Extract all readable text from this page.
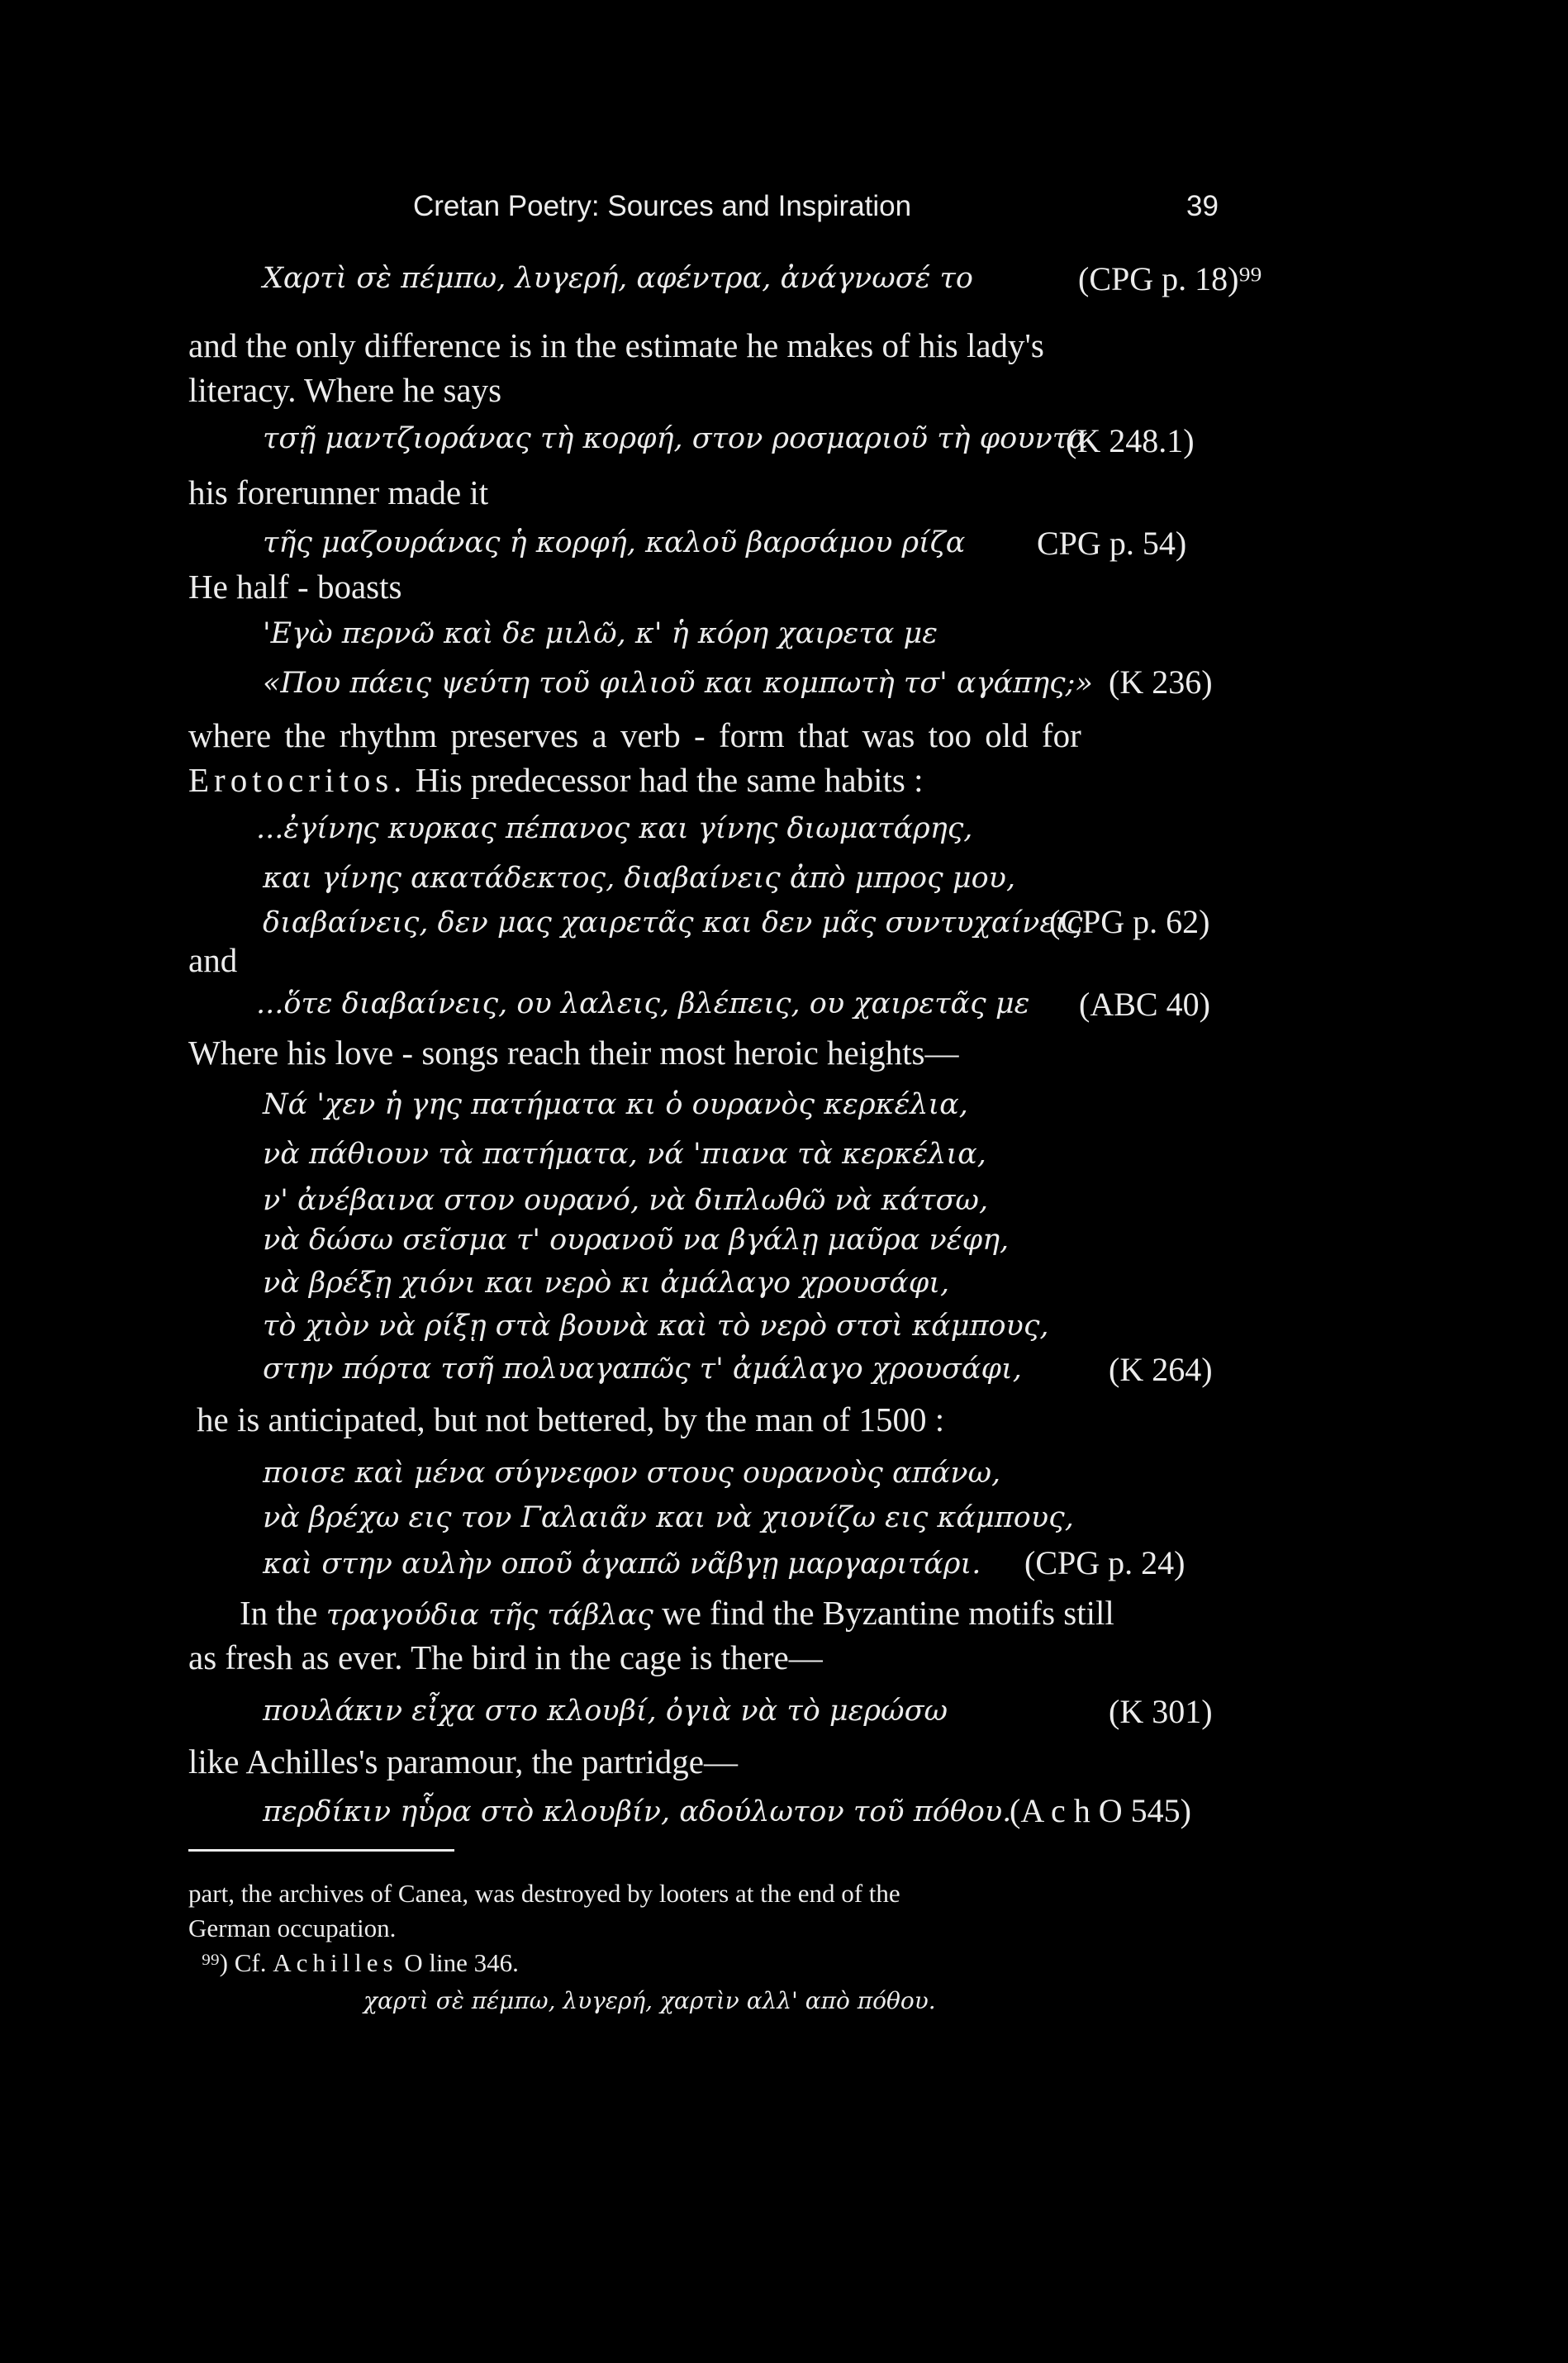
Cretan Poetry: Sources and Inspiration	39
Χαρτὶ σὲ πέμπω, λυγερή, αφέντρα, ἀνάγνωσέ το	(CPG p. 18)⁹⁹
and the only difference is in the estimate he makes of his lady's
literacy. Where he says
τσῇ μαντζιοράνας τὴ κορφή, στον ροσμαριοῦ τὴ φουντα
(K 248.1)
his forerunner made it
τῆς μαζουράνας ἡ κορφή, καλοῦ βαρσάμου ρίζα CPG p. 54)
He half - boasts
'Εγὼ περνῶ καὶ δε μιλῶ, κ' ἡ κόρη χαιρετα με
«Που πάεις ψεύτη τοῦ φιλιοῦ και κομπωτὴ τσ' αγάπης;» (K 236)
where the rhythm preserves a verb - form that was too old for
Erotocritos. His predecessor had the same habits :
...ἐγίνης κυρκας πέπανος και γίνης διωματάρης,
και γίνης ακατάδεκτος, διαβαίνεις ἀπὸ μπρος μου,
διαβαίνεις, δεν μας χαιρετᾶς και δεν μᾶς συντυχαίνεις
(CPG p. 62)
and
...ὅτε διαβαίνεις, ου λαλεις, βλέπεις, ου χαιρετᾶς με (ABC 40)
Where his love - songs reach their most heroic heights—
Νά 'χεν ἡ γης πατήματα κι ὁ ουρανὸς κερκέλια,
νὰ πάθιουν τὰ πατήματα, νά 'πιανα τὰ κερκέλια,
ν' ἀνέβαινα στον ουρανό, νὰ διπλωθῶ νὰ κάτσω,
νὰ δώσω σεῖσμα τ' ουρανοῦ να βγάλῃ μαῦρα νέφη,
νὰ βρέξῃ χιόνι και νερὸ κι ἀμάλαγο χρουσάφι,
τὸ χιὸν νὰ ρίξῃ στὰ βουνὰ καὶ τὸ νερὸ στσὶ κάμπους,
στην πόρτα τσῆ πολυαγαπῶς τ' ἀμάλαγο χρουσάφι,	(K 264)
he is anticipated, but not bettered, by the man of 1500 :
ποισε καὶ μένα σύγνεφον στους ουρανοὺς απάνω,
νὰ βρέχω εις τον Γαλαιᾶν και νὰ χιονίζω εις κάμπους,
καὶ στην αυλὴν οποῦ ἀγαπῶ νᾶβγῃ μαργαριτάρι. (CPG p. 24)
In the τραγούδια τῆς τάβλας we find the Byzantine motifs still
as fresh as ever. The bird in the cage is there—
πουλάκιν εἶχα στο κλουβί, ὀγιὰ νὰ τὸ μερώσω	(K 301)
like Achilles's paramour, the partridge—
περδίκιν ηὗρα στὸ κλουβίν, αδούλωτον τοῦ πόθου.
(A c h O 545)
part, the archives of Canea, was destroyed by looters at the end of the
German occupation.
⁹⁹) Cf. Achilles O line 346.
χαρτὶ σὲ πέμπω, λυγερή, χαρτὶν αλλ' απὸ πόθου.
